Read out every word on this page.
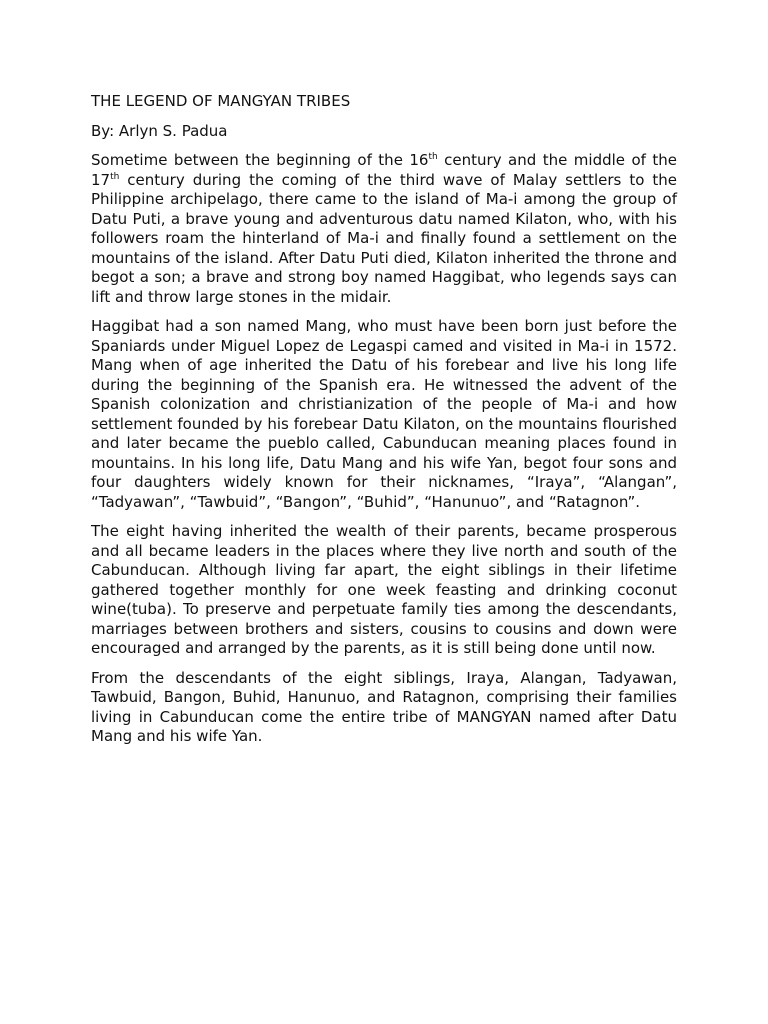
THE LEGEND OF MANGYAN TRIBES

By: Arlyn S. Padua

Sometime between the beginning of the 16th century and the middle of the 17th century during the coming of the third wave of Malay settlers to the Philippine archipelago, there came to the island of Ma-i among the group of Datu Puti, a brave young and adventurous datu named Kilaton, who, with his followers roam the hinterland of Ma-i and finally found a settlement on the mountains of the island. After Datu Puti died, Kilaton inherited the throne and begot a son; a brave and strong boy named Haggibat, who legends says can lift and throw large stones in the midair.

Haggibat had a son named Mang, who must have been born just before the Spaniards under Miguel Lopez de Legaspi camed and visited in Ma-i in 1572. Mang when of age inherited the Datu of his forebear and live his long life during the beginning of the Spanish era. He witnessed the advent of the Spanish colonization and christianization of the people of Ma-i and how settlement founded by his forebear Datu Kilaton, on the mountains flourished and later became the pueblo called, Cabunducan meaning places found in mountains. In his long life, Datu Mang and his wife Yan, begot four sons and four daughters widely known for their nicknames, “Iraya”, “Alangan”, “Tadyawan”, “Tawbuid”, “Bangon”, “Buhid”, “Hanunuo”, and “Ratagnon”.

The eight having inherited the wealth of their parents, became prosperous and all became leaders in the places where they live north and south of the Cabunducan. Although living far apart, the eight siblings in their lifetime gathered together monthly for one week feasting and drinking coconut wine(tuba). To preserve and perpetuate family ties among the descendants, marriages between brothers and sisters, cousins to cousins and down were encouraged and arranged by the parents, as it is still being done until now.

From the descendants of the eight siblings, Iraya, Alangan, Tadyawan, Tawbuid, Bangon, Buhid, Hanunuo, and Ratagnon, comprising their families living in Cabunducan come the entire tribe of MANGYAN named after Datu Mang and his wife Yan.
